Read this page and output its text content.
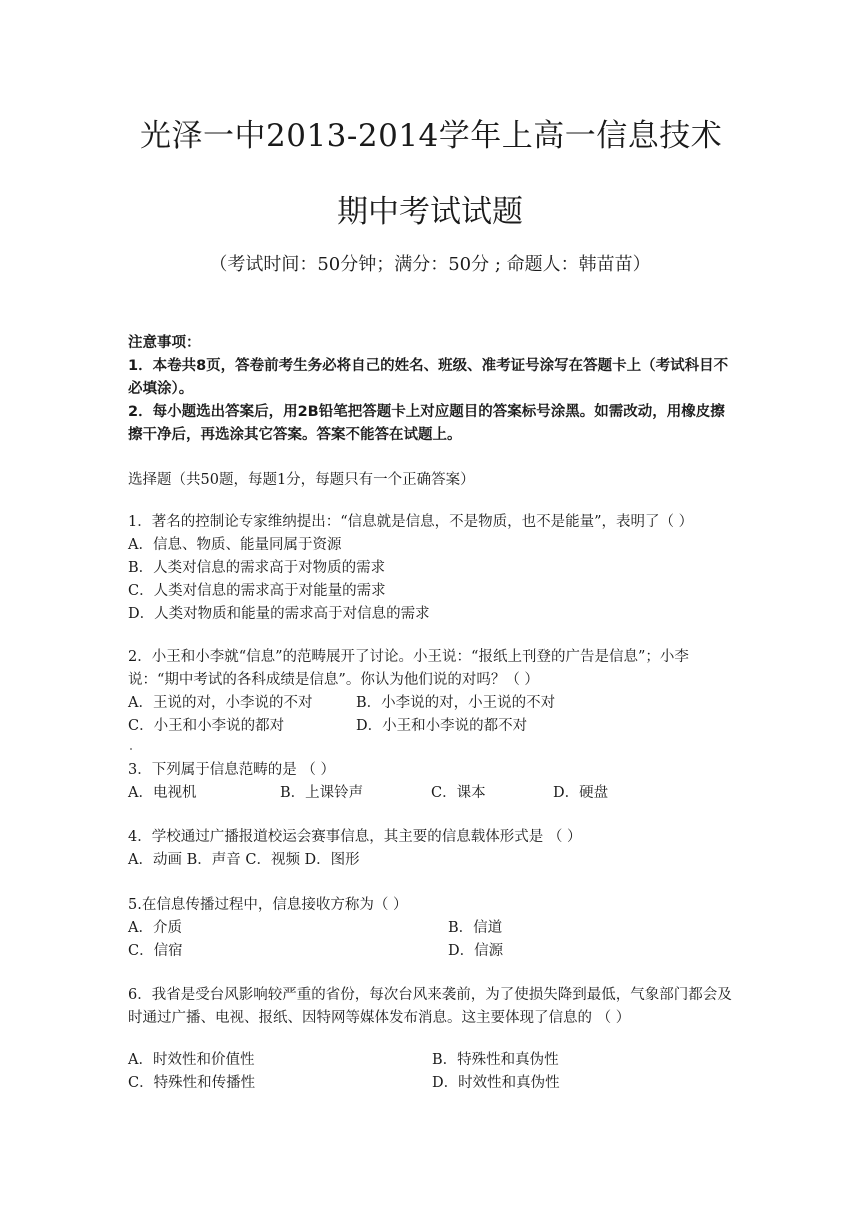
光泽一中2013-2014学年上高一信息技术
期中考试试题
（考试时间：50分钟；满分：50分 ; 命题人：韩苗苗）
注意事项：
1．本卷共8页，答卷前考生务必将自己的姓名、班级、准考证号涂写在答题卡上（考试科目不必填涂）。
2．每小题选出答案后，用2B铅笔把答题卡上对应题目的答案标号涂黑。如需改动，用橡皮擦擦干净后，再选涂其它答案。答案不能答在试题上。
选择题（共50题，每题1分，每题只有一个正确答案）
1．著名的控制论专家维纳提出：“信息就是信息，不是物质，也不是能量”，表明了（ ）
A．信息、物质、能量同属于资源
B．人类对信息的需求高于对物质的需求
C．人类对信息的需求高于对能量的需求
D．人类对物质和能量的需求高于对信息的需求
2．小王和小李就“信息”的范畴展开了讨论。小王说：“报纸上刊登的广告是信息”；小李说：“期中考试的各科成绩是信息”。你认为他们说的对吗？（ ）
A．王说的对，小李说的不对	B．小李说的对，小王说的不对
C．小王和小李说的都对	D．小王和小李说的都不对
3．下列属于信息范畴的是 （ ）
A．电视机	B．上课铃声	C．课本	D．硬盘
4．学校通过广播报道校运会赛事信息，其主要的信息载体形式是 （ ）
A．动画 B．声音 C．视频 D．图形
5.在信息传播过程中，信息接收方称为（ ）
A．介质	B．信道
C．信宿	D．信源
6．我省是受台风影响较严重的省份，每次台风来袭前，为了使损失降到最低，气象部门都会及时通过广播、电视、报纸、因特网等媒体发布消息。这主要体现了信息的 （ ）
A．时效性和价值性	B．特殊性和真伪性
C．特殊性和传播性	D．时效性和真伪性
